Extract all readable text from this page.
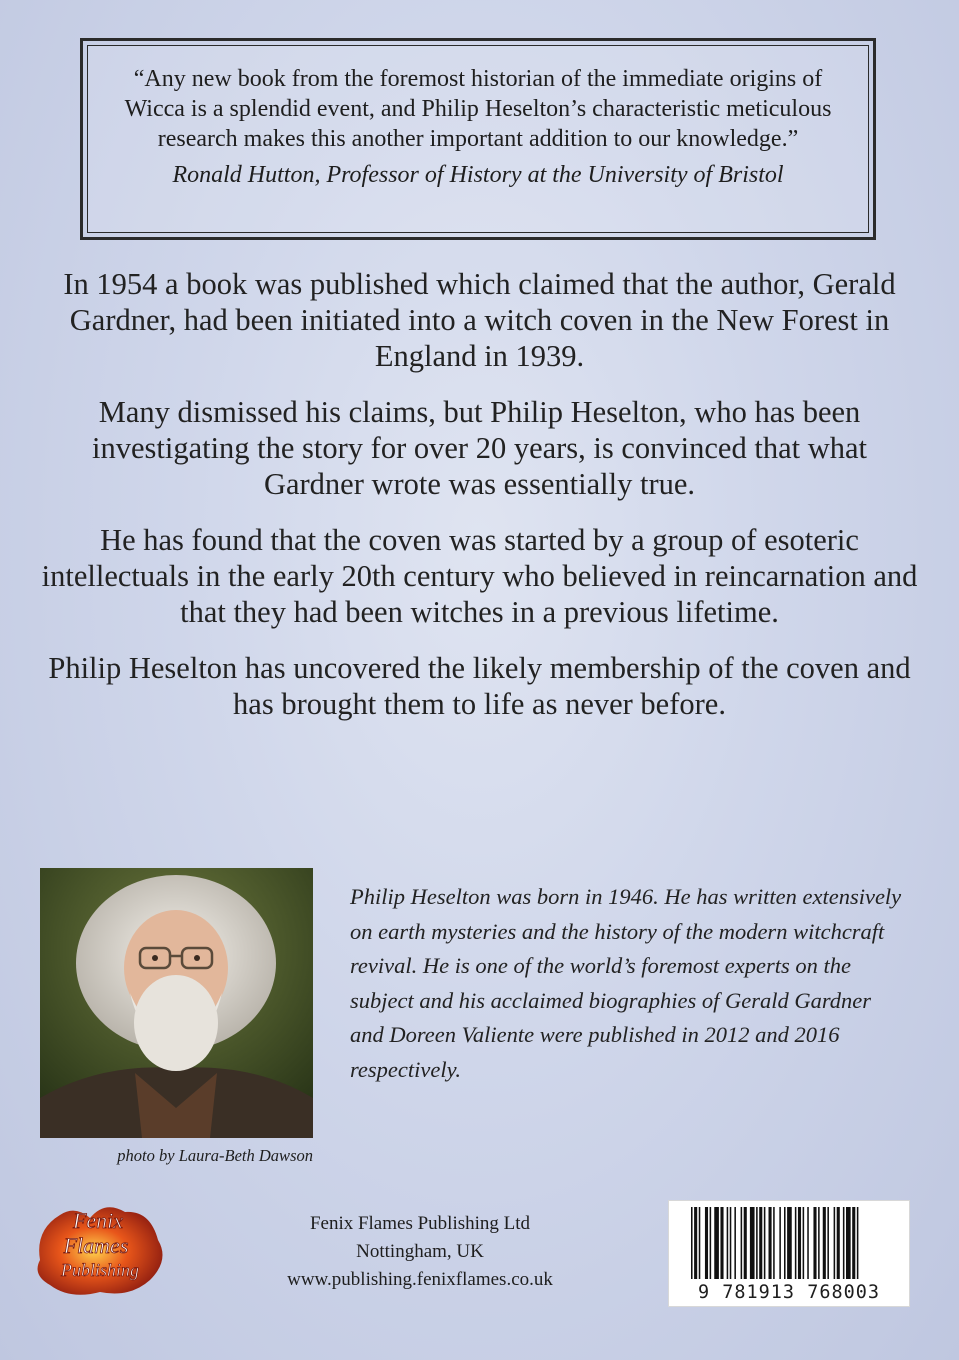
“Any new book from the foremost historian of the immediate origins of Wicca is a splendid event, and Philip Heselton’s characteristic meticulous research makes this another important addition to our knowledge.”
Ronald Hutton, Professor of History at the University of Bristol

In 1954 a book was published which claimed that the author, Gerald Gardner, had been initiated into a witch coven in the New Forest in England in 1939.

Many dismissed his claims, but Philip Heselton, who has been investigating the story for over 20 years, is convinced that what Gardner wrote was essentially true.

He has found that the coven was started by a group of esoteric intellectuals in the early 20th century who believed in reincarnation and that they had been witches in a previous lifetime.

Philip Heselton has uncovered the likely membership of the coven and has brought them to life as never before.

photo by Laura-Beth Dawson
Philip Heselton was born in 1946. He has written extensively on earth mysteries and the history of the modern witchcraft revival. He is one of the world’s foremost experts on the subject and his acclaimed biographies of Gerald Gardner and Doreen Valiente were published in 2012 and 2016 respectively.
Fenix
Flames
Publishing
Fenix Flames Publishing Ltd
Nottingham, UK
www.publishing.fenixflames.co.uk
9 781913 768003
